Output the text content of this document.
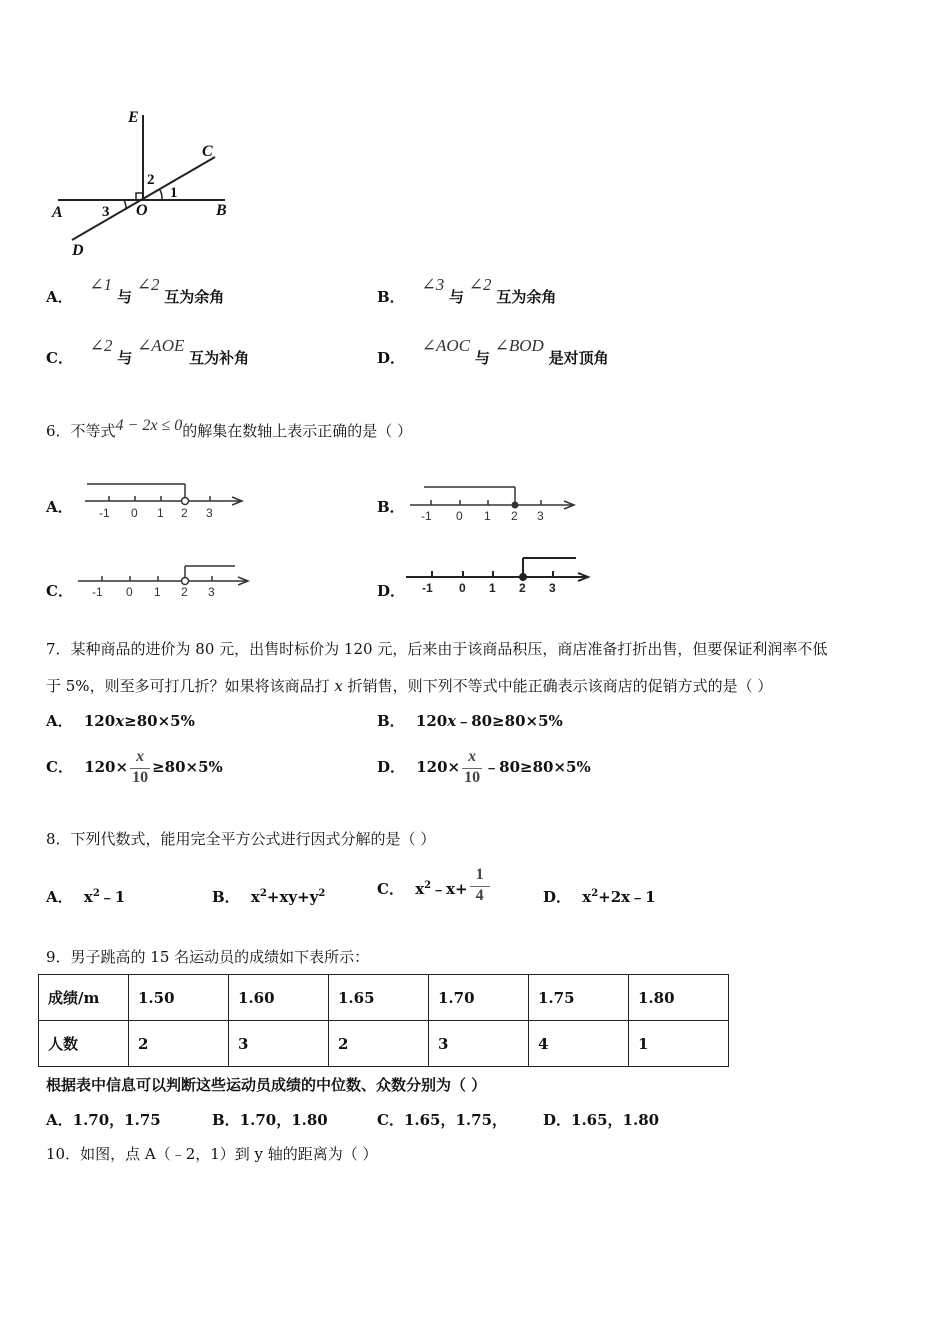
E
C
A	O	B
D
2
1
3
A． ∠1 与 ∠2 互为余角	B． ∠3 与 ∠2 互为余角
C． ∠2 与 ∠AOE 互为补角	D． ∠AOC 与 ∠BOD 是对顶角
6．不等式4 − 2x ≤ 0的解集在数轴上表示正确的是（ ）
A． -1 0 1 2 3	B． -1 0 1 2 3
C． -1 0 1 2 3	D． -1 0 1 2 3
7．某种商品的进价为 80 元，出售时标价为 120 元，后来由于该商品积压，商店准备打折出售，但要保证利润率不低
于 5%，则至多可打几折？如果将该商品打 x 折销售，则下列不等式中能正确表示该商店的促销方式的是（ ）
A． 120x≥80×5%	B． 120x﹣80≥80×5%
C． $120\times \frac{x}{10} \ge 80\times 5\%$	D． $120\times \frac{x}{10}$ ﹣80≥80×5%
8．下列代数式，能用完全平方公式进行因式分解的是（ ）
A． $x^2﹣1$	B． $x^2+xy+y^2$	C． $x^2﹣x+ \frac{1}{4}$	D． $x^2+2x﹣1$
9．男子跳高的 15 名运动员的成绩如下表所示：
成绩/m	1.50	1.60	1.65	1.70	1.75	1.80
人数	2	3	2	3	4	1
根据表中信息可以判断这些运动员成绩的中位数、众数分别为（ ）
A．1.70，1.75	B．1.70，1.80	C．1.65，1.75， D．1.65，1.80
10．如图，点 A（﹣2，1）到 y 轴的距离为（ ）
